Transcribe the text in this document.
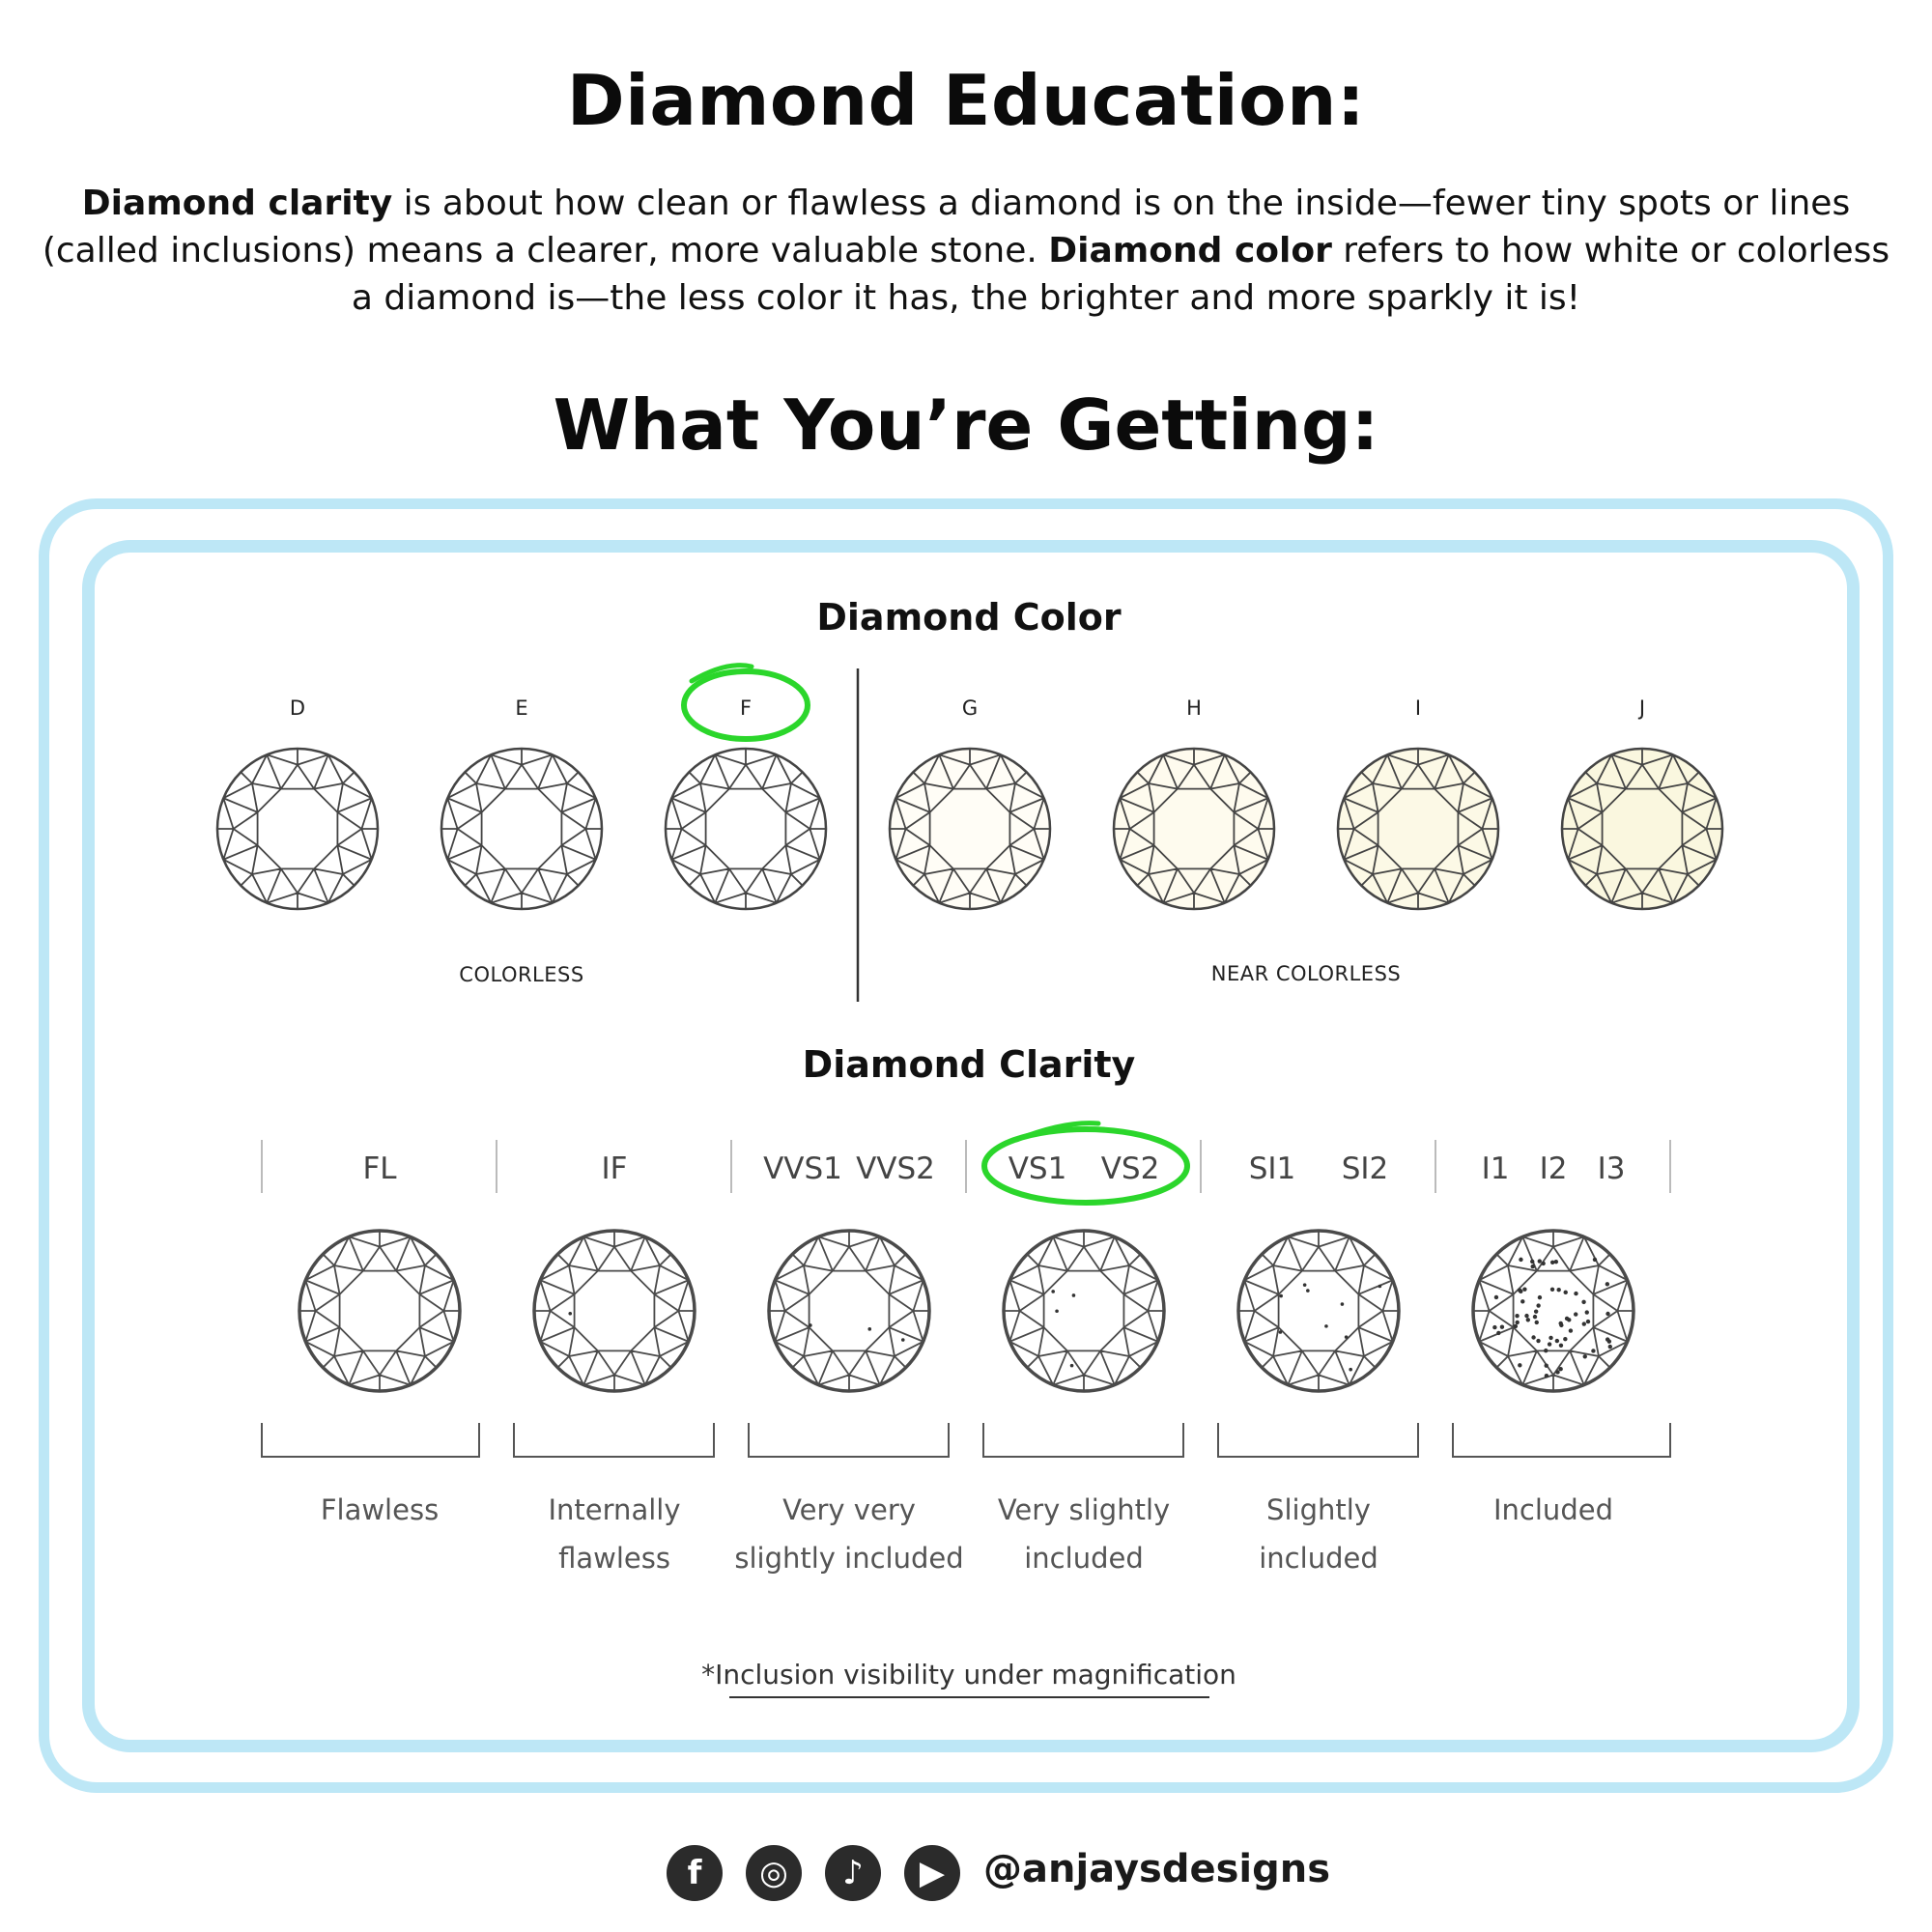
Diamond Education:
Diamond clarity is about how clean or flawless a diamond is on the inside—fewer tiny spots or lines (called inclusions) means a clearer, more valuable stone. Diamond color refers to how white or colorless a diamond is—the less color it has, the brighter and more sparkly it is!
What You’re Getting:
Diamond Color
D	E	F	G	H	I	J
COLORLESS	NEAR COLORLESS
Diamond Clarity
FL
Flawless
IF
Internally
flawless
VVS1 VVS2
Very very
slightly included
VS1 VS2
Very slightly
included
SI1 SI2
Slightly
included
I1 I2 I3
Included
*Inclusion visibility under magnification
f	◎	♪	▶ @anjaysdesigns
